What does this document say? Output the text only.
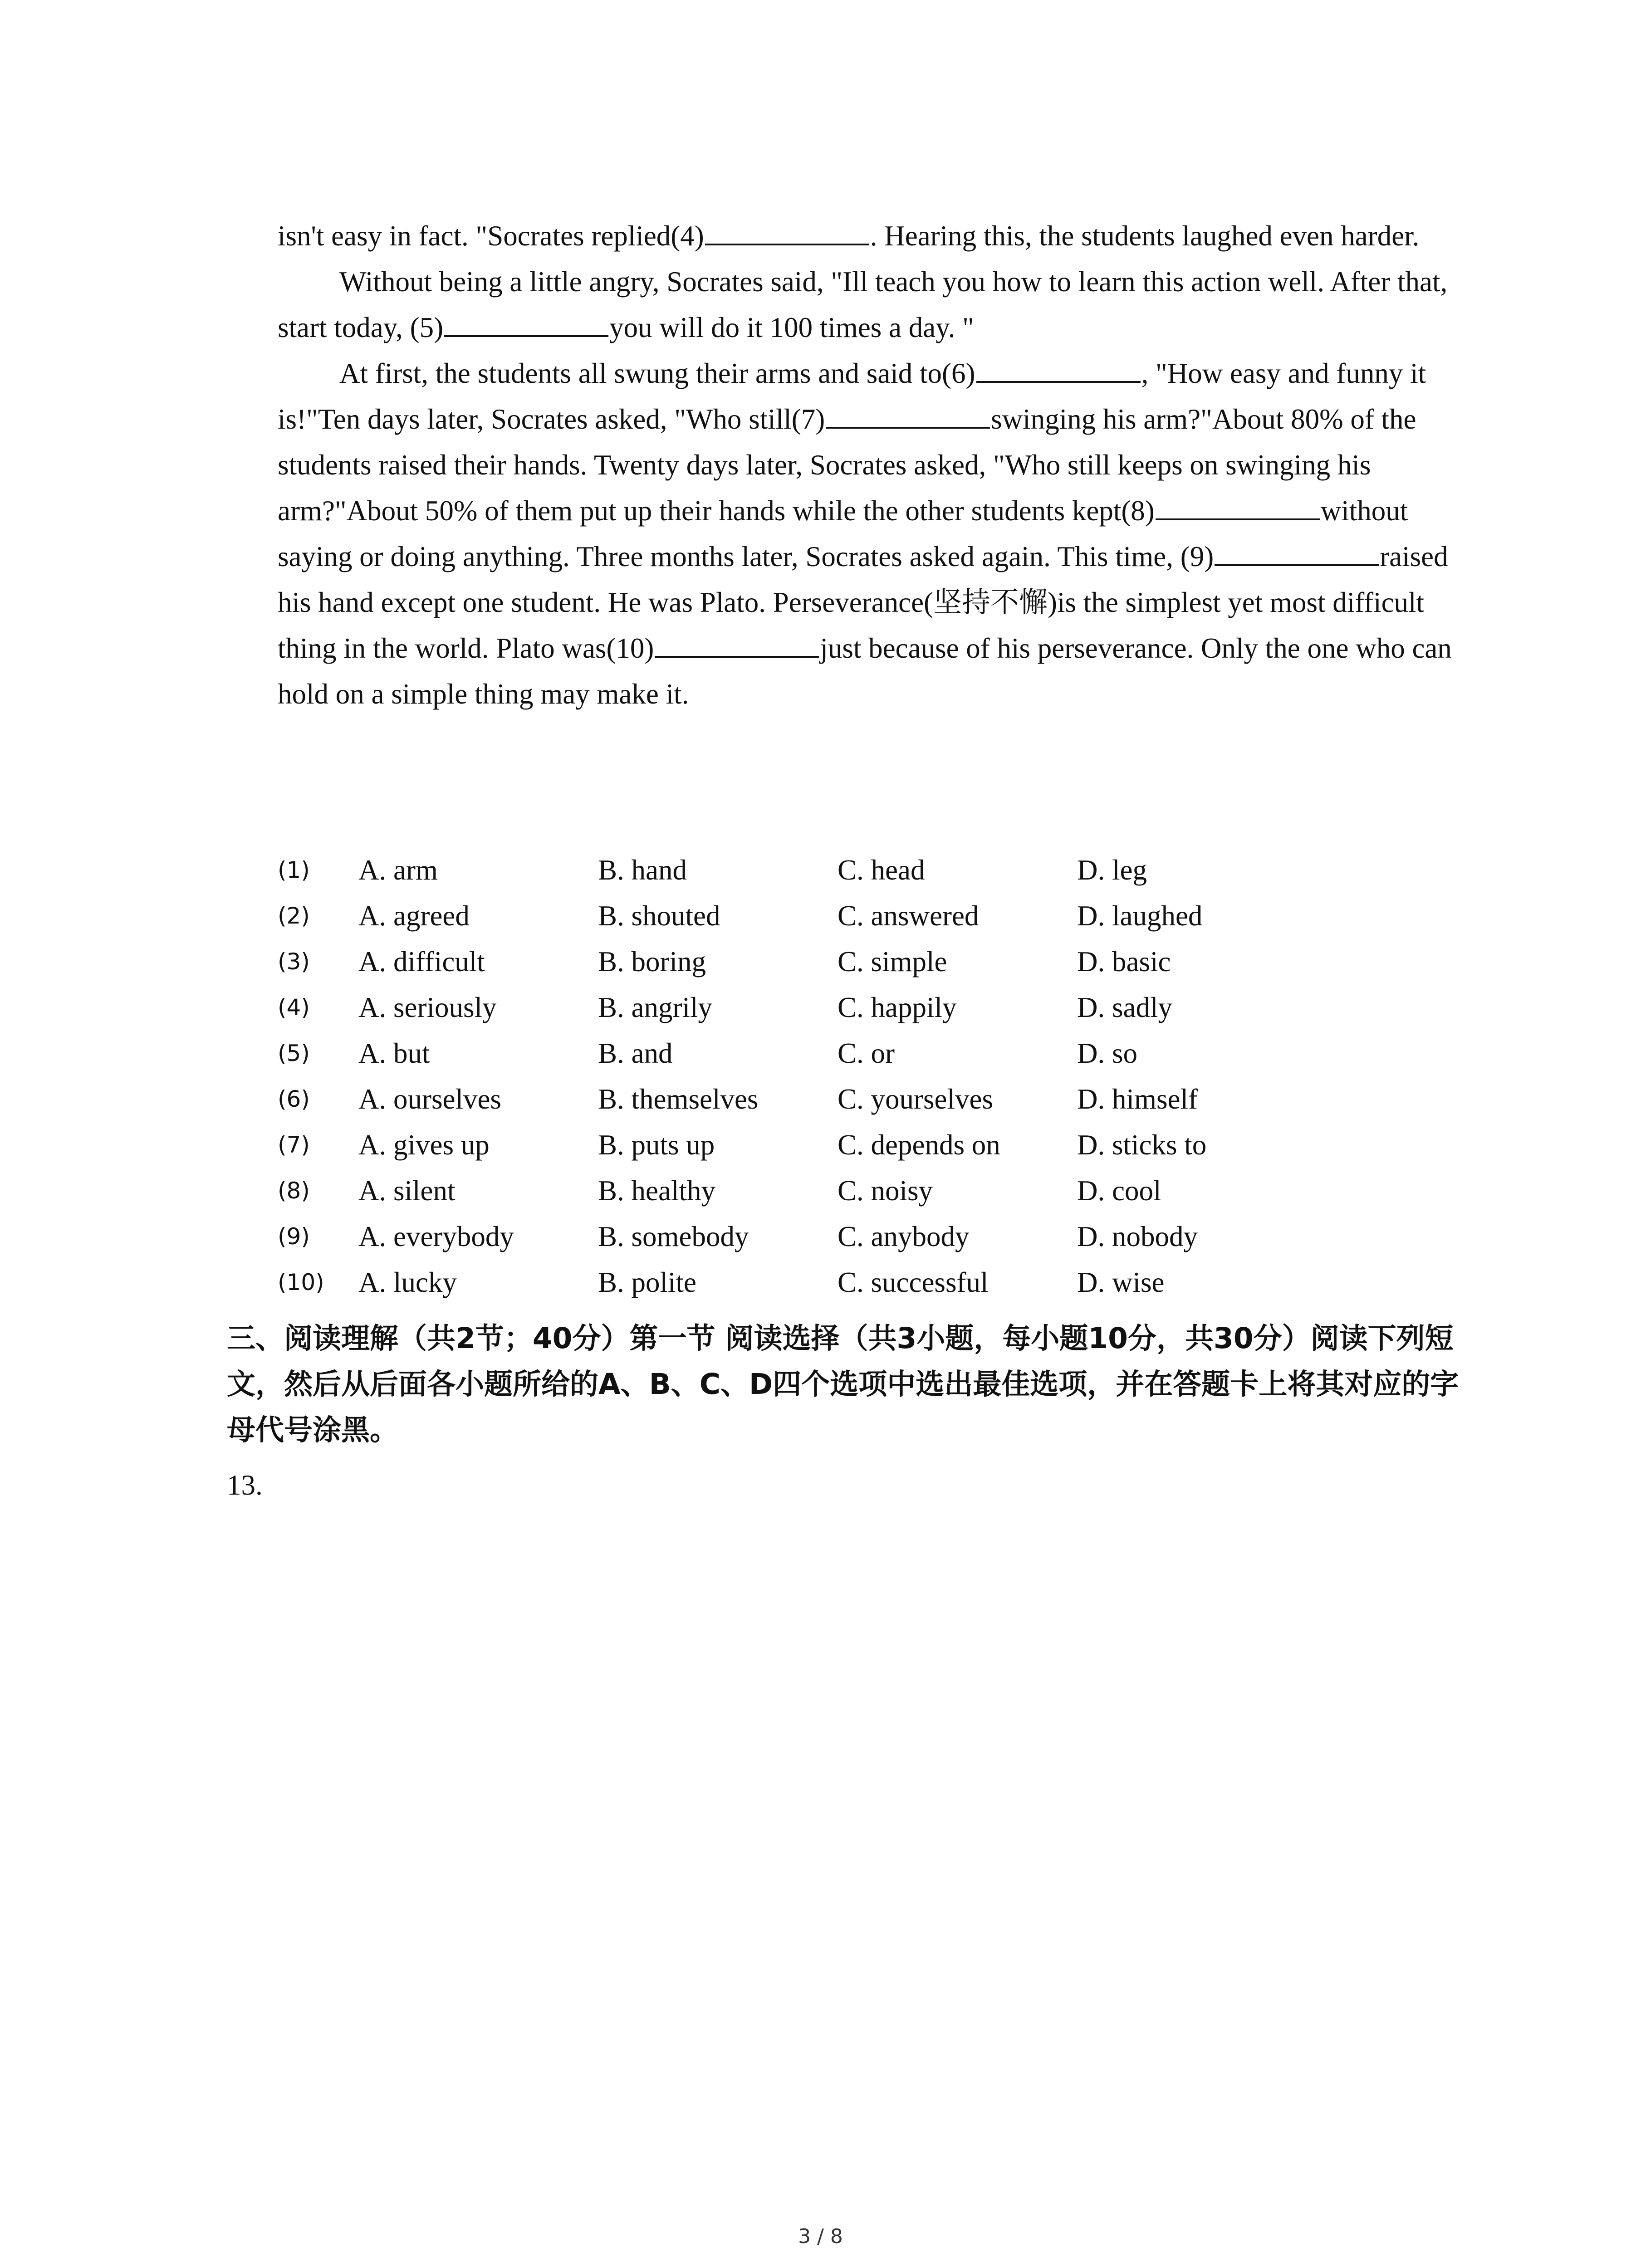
isn't easy in fact. "Socrates replied(4)	. Hearing this, the students laughed even harder.

Without being a little angry, Socrates said, "Ill teach you how to learn this action well. After that, start today, (5)	you will do it 100 times a day. "

At first, the students all swung their arms and said to(6)	, "How easy and funny it is!"Ten days later, Socrates asked, "Who still(7)	swinging his arm?"About 80% of the students raised their hands. Twenty days later, Socrates asked, "Who still keeps on swinging his arm?"About 50% of them put up their hands while the other students kept(8)	without saying or doing anything. Three months later, Socrates asked again. This time, (9)	raised his hand except one student. He was Plato. Perseverance(坚持不懈)is the simplest yet most difficult thing in the world. Plato was(10)	just because of his perseverance. Only the one who can hold on a simple thing may make it.

(1) A. arm	B. hand	C. head	D. leg
(2) A. agreed	B. shouted	C. answered	D. laughed
(3) A. difficult	B. boring	C. simple	D. basic
(4) A. seriously	B. angrily	C. happily	D. sadly
(5) A. but	B. and	C. or	D. so
(6) A. ourselves	B. themselves	C. yourselves	D. himself
(7) A. gives up	B. puts up	C. depends on	D. sticks to
(8) A. silent	B. healthy	C. noisy	D. cool
(9) A. everybody	B. somebody	C. anybody	D. nobody
(10) A. lucky	B. polite	C. successful	D. wise

三、阅读理解（共2节；40分）第一节 阅读选择（共3小题，每小题10分，共30分）阅读下列短文，然后从后面各小题所给的A、B、C、D四个选项中选出最佳选项，并在答题卡上将其对应的字母代号涂黑。

13.
3 / 8
